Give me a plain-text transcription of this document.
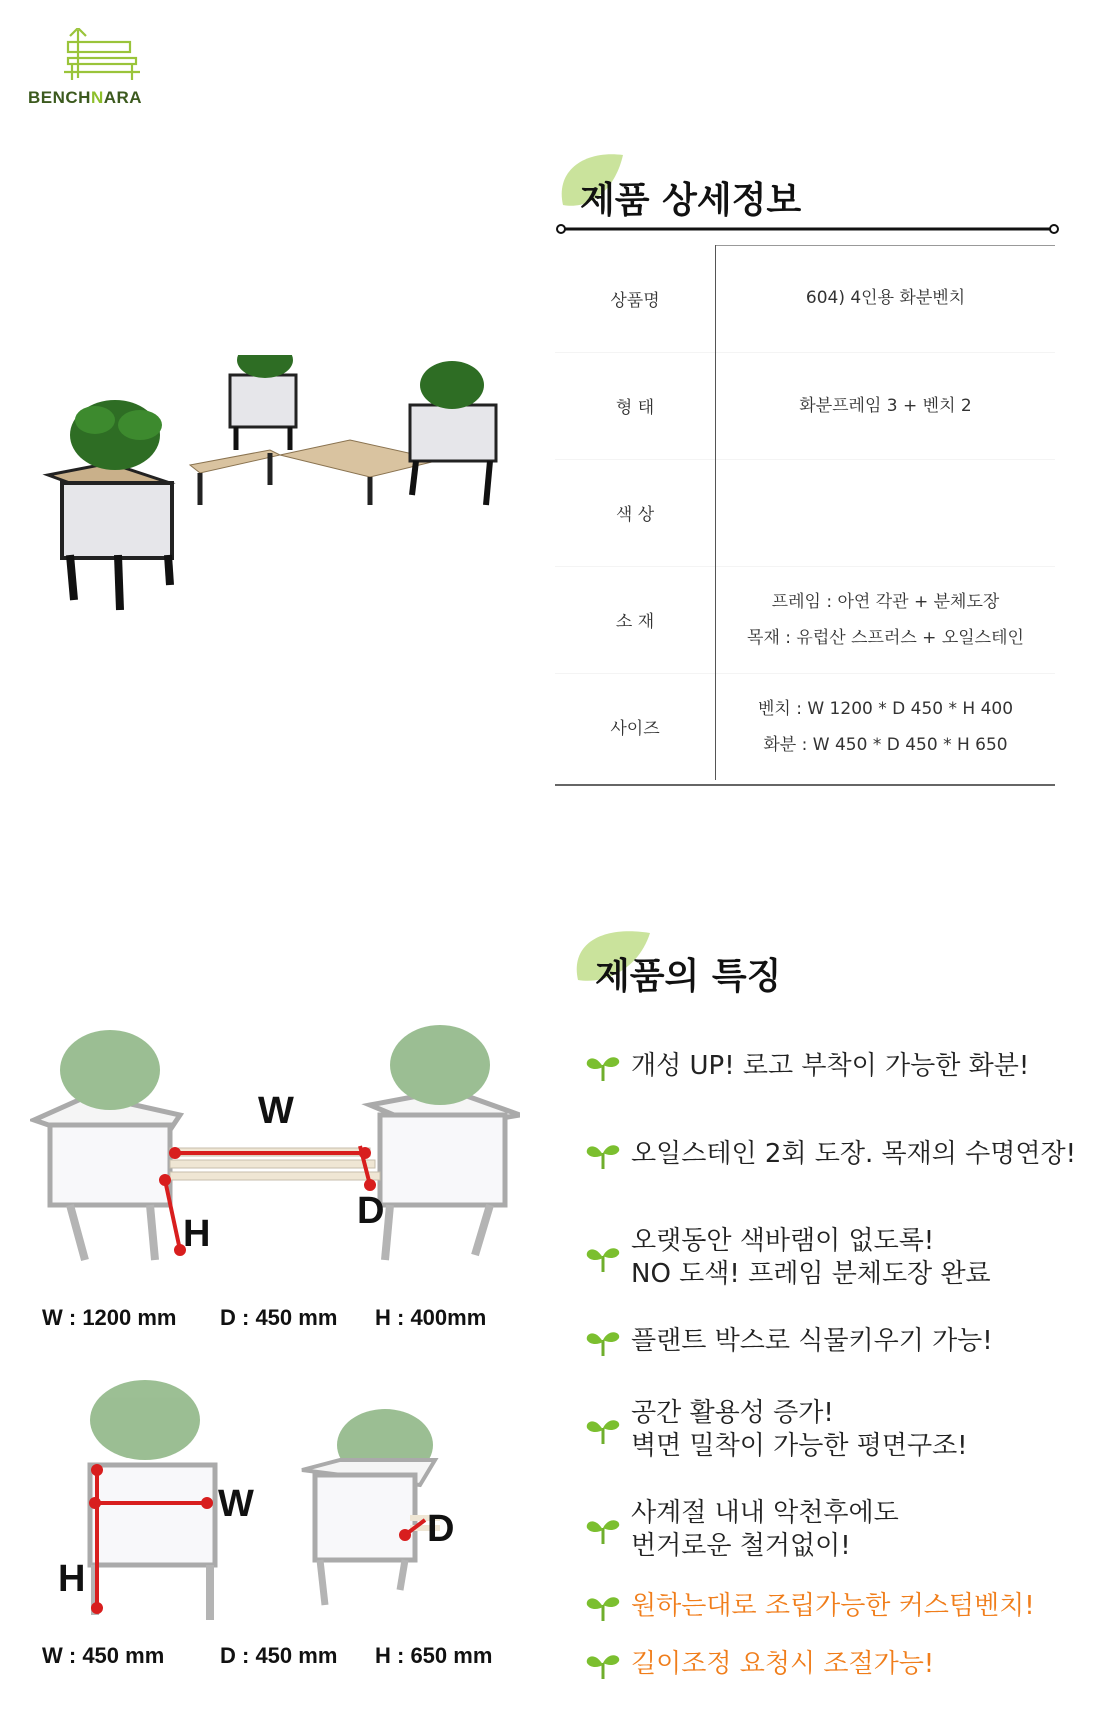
BENCHNARA
제품 상세정보
상품명	604) 4인용 화분벤치

형 태	화분프레임 3 + 벤치 2

색 상	
소 재	프레임 : 아연 각관 + 분체도장
목재 : 유럽산 스프러스 + 오일스테인

사이즈	벤치 : W 1200 * D 450 * H 400
화분 : W 450 * D 450 * H 650
제품의 특징
개성 UP! 로고 부착이 가능한 화분!
오일스테인 2회 도장. 목재의 수명연장!
오랫동안 색바램이 없도록!
NO 도색! 프레임 분체도장 완료
플랜트 박스로 식물키우기 가능!
공간 활용성 증가!
벽면 밀착이 가능한 평면구조!
사계절 내내 악천후에도
번거로운 철거없이!
원하는대로 조립가능한 커스텀벤치!
길이조정 요청시 조절가능!
W
D
H
W : 1200 mm D : 450 mm H : 400mm
W
D
H
W : 450 mm	D : 450 mm H : 650 mm
